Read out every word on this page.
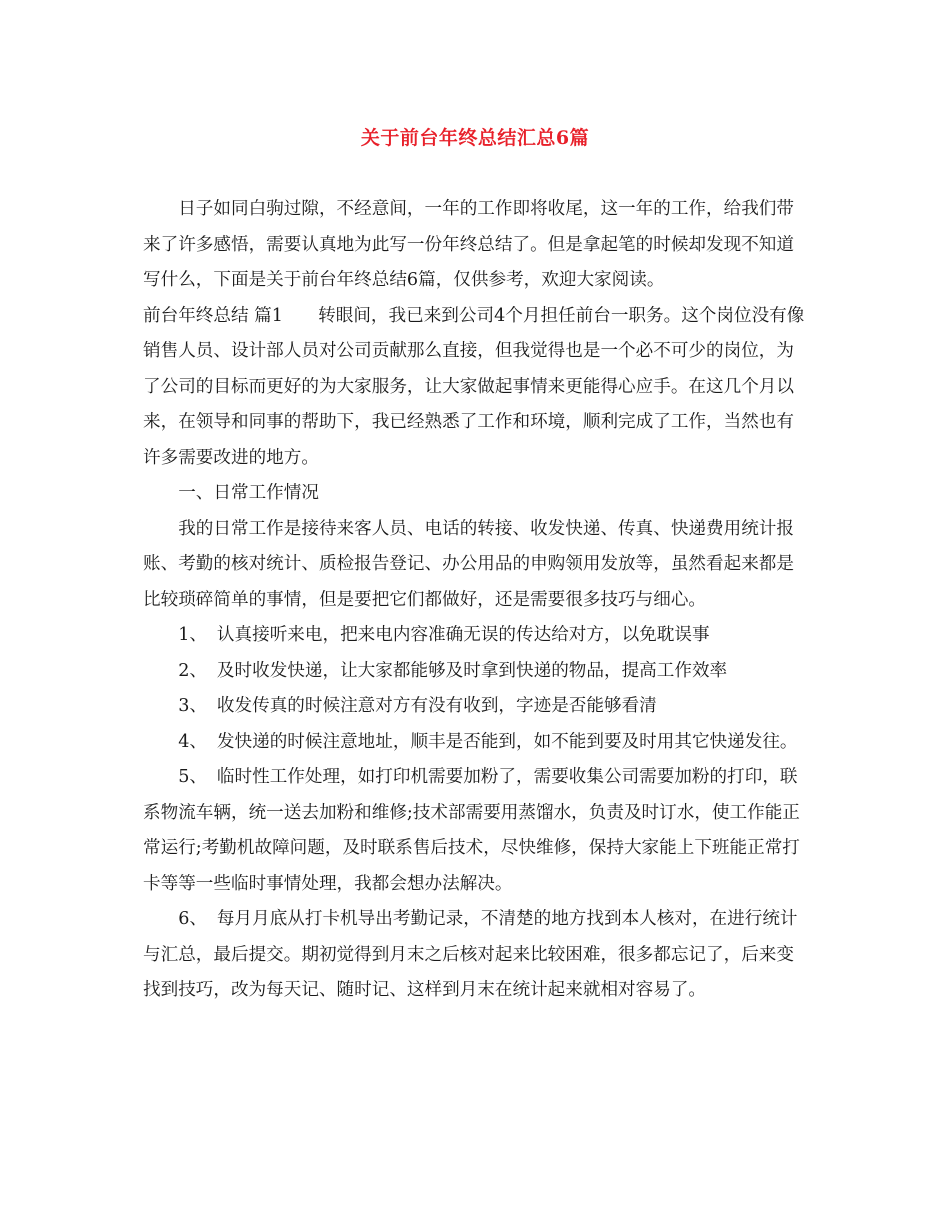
关于前台年终总结汇总6篇

日子如同白驹过隙，不经意间，一年的工作即将收尾，这一年的工作，给我们带来了许多感悟，需要认真地为此写一份年终总结了。但是拿起笔的时候却发现不知道写什么，下面是关于前台年终总结6篇，仅供参考，欢迎大家阅读。

前台年终总结 篇1 转眼间，我已来到公司4个月担任前台一职务。这个岗位没有像销售人员、设计部人员对公司贡献那么直接，但我觉得也是一个必不可少的岗位，为了公司的目标而更好的为大家服务，让大家做起事情来更能得心应手。在这几个月以来，在领导和同事的帮助下，我已经熟悉了工作和环境，顺利完成了工作，当然也有许多需要改进的地方。

一、日常工作情况

我的日常工作是接待来客人员、电话的转接、收发快递、传真、快递费用统计报账、考勤的核对统计、质检报告登记、办公用品的申购领用发放等，虽然看起来都是比较琐碎简单的事情，但是要把它们都做好，还是需要很多技巧与细心。

1、 认真接听来电，把来电内容准确无误的传达给对方，以免耽误事

2、 及时收发快递，让大家都能够及时拿到快递的物品，提高工作效率

3、 收发传真的时候注意对方有没有收到，字迹是否能够看清

4、 发快递的时候注意地址，顺丰是否能到，如不能到要及时用其它快递发往。

5、 临时性工作处理，如打印机需要加粉了，需要收集公司需要加粉的打印，联系物流车辆，统一送去加粉和维修;技术部需要用蒸馏水，负责及时订水，使工作能正常运行;考勤机故障问题，及时联系售后技术，尽快维修，保持大家能上下班能正常打卡等等一些临时事情处理，我都会想办法解决。

6、 每月月底从打卡机导出考勤记录，不清楚的地方找到本人核对，在进行统计与汇总，最后提交。期初觉得到月末之后核对起来比较困难，很多都忘记了，后来变找到技巧，改为每天记、随时记、这样到月末在统计起来就相对容易了。
